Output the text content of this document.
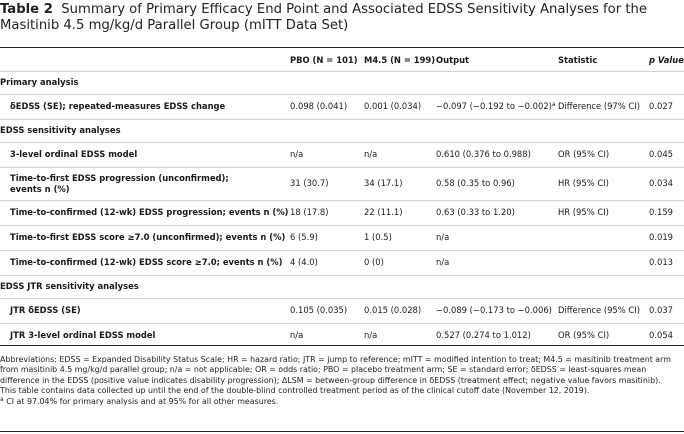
Table 2 Summary of Primary Efficacy End Point and Associated EDSS Sensitivity Analyses for the Masitinib 4.5 mg/kg/d Parallel Group (mITT Data Set)
	PBO (N = 101)	M4.5 (N = 199)	Output	Statistic	p Value
Primary analysis					
δEDSS (SE); repeated-measures EDSS change	0.098 (0.041)	0.001 (0.034)	−0.097 (−0.192 to −0.002)$^a$	Difference (97% CI)	0.027
EDSS sensitivity analyses					
3-level ordinal EDSS model	n/a	n/a	0.610 (0.376 to 0.988)	OR (95% CI)	0.045
Time-to-first EDSS progression (unconfirmed); events n (%)	31 (30.7)	34 (17.1)	0.58 (0.35 to 0.96)	HR (95% CI)	0.034
Time-to-confirmed (12-wk) EDSS progression; events n (%)	18 (17.8)	22 (11.1)	0.63 (0.33 to 1.20)	HR (95% CI)	0.159
Time-to-first EDSS score ≥7.0 (unconfirmed); events n (%)	6 (5.9)	1 (0.5)	n/a		0.019
Time-to-confirmed (12-wk) EDSS score ≥7.0; events n (%)	4 (4.0)	0 (0)	n/a		0.013
EDSS JTR sensitivity analyses					
JTR δEDSS (SE)	0.105 (0.035)	0.015 (0.028)	−0.089 (−0.173 to −0.006)	Difference (95% CI)	0.037
JTR 3-level ordinal EDSS model	n/a	n/a	0.527 (0.274 to 1.012)	OR (95% CI)	0.054

Abbreviations: EDSS = Expanded Disability Status Scale; HR = hazard ratio; JTR = jump to reference; mITT = modified intention to treat; M4.5 = masitinib treatment arm from masitinib 4.5 mg/kg/d parallel group; n/a = not applicable; OR = odds ratio; PBO = placebo treatment arm; SE = standard error; δEDSS = least-squares mean difference in the EDSS (positive value indicates disability progression); ΔLSM = between-group difference in δEDSS (treatment effect; negative value favors masitinib).

This table contains data collected up until the end of the double-blind controlled treatment period as of the clinical cutoff date (November 12, 2019).

$^a$ CI at 97.04% for primary analysis and at 95% for all other measures.
